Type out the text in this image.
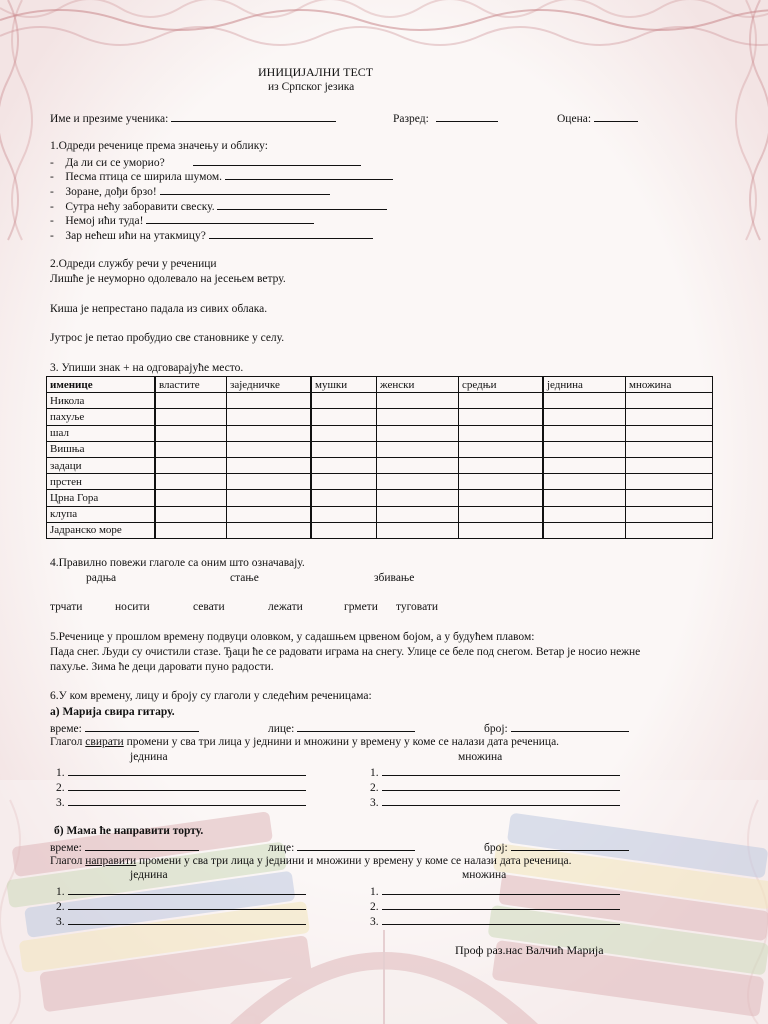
ИНИЦИЈАЛНИ ТЕСТ
из Српског језика
Име и презиме ученика:	Разред:	Оцена:
1.Одреди реченице према значењу и облику:
-    Да ли си се уморио?
-    Песма птица се ширила шумом.
-    Зоране, дођи брзо!
-    Сутра нећу заборавити свеску.
-    Немој ићи туда!
-    Зар нећеш ићи на утакмицу?
2.Одреди службу речи у реченици
Лишће је неуморно одолевало на јесењем ветру.
Киша је непрестано падала из сивих облака.
Јутрос је петао пробудио све становнике у селу.
3. Упиши знак + на одговарајуће место.
именице	властите	заједничке	мушки	женски	средњи	једнина	множина
Никола							
пахуље							
шал							
Вишња							
задаци							
прстен							
Црна Гора							
клупа							
Јадранско море							
4.Правилно повежи глаголе са оним што означавају.
радња	стање	збивање
трчати	носити	севати	лежати	грмети туговати
5.Реченице у прошлом времену подвуци оловком, у садашњем црвеном бојом, а у будућем плавом:
Пада снег. Људи су очистили стазе. Ђаци ће се радовати играма на снегу. Улице се беле под снегом. Ветар је носио нежне
пахуље. Зима ће деци даровати пуно радости.
6.У ком времену, лицу и броју су глаголи у следећим реченицама:
а) Марија свира гитару.
време:	лице:	број:
Глагол свирати промени у сва три лица у једнини и множини у времену у коме се налази дата реченица.
једнина	множина
1.
2.
3.
1.
2.
3.
б) Мама ће направити торту.
време:	лице:	број:
Глагол направити промени у сва три лица у једнини и множини у времену у коме се налази дата реченица.
једнина	множина
1.
2.
3.
1.
2.
3.
Проф раз.нас Валчић Марија
